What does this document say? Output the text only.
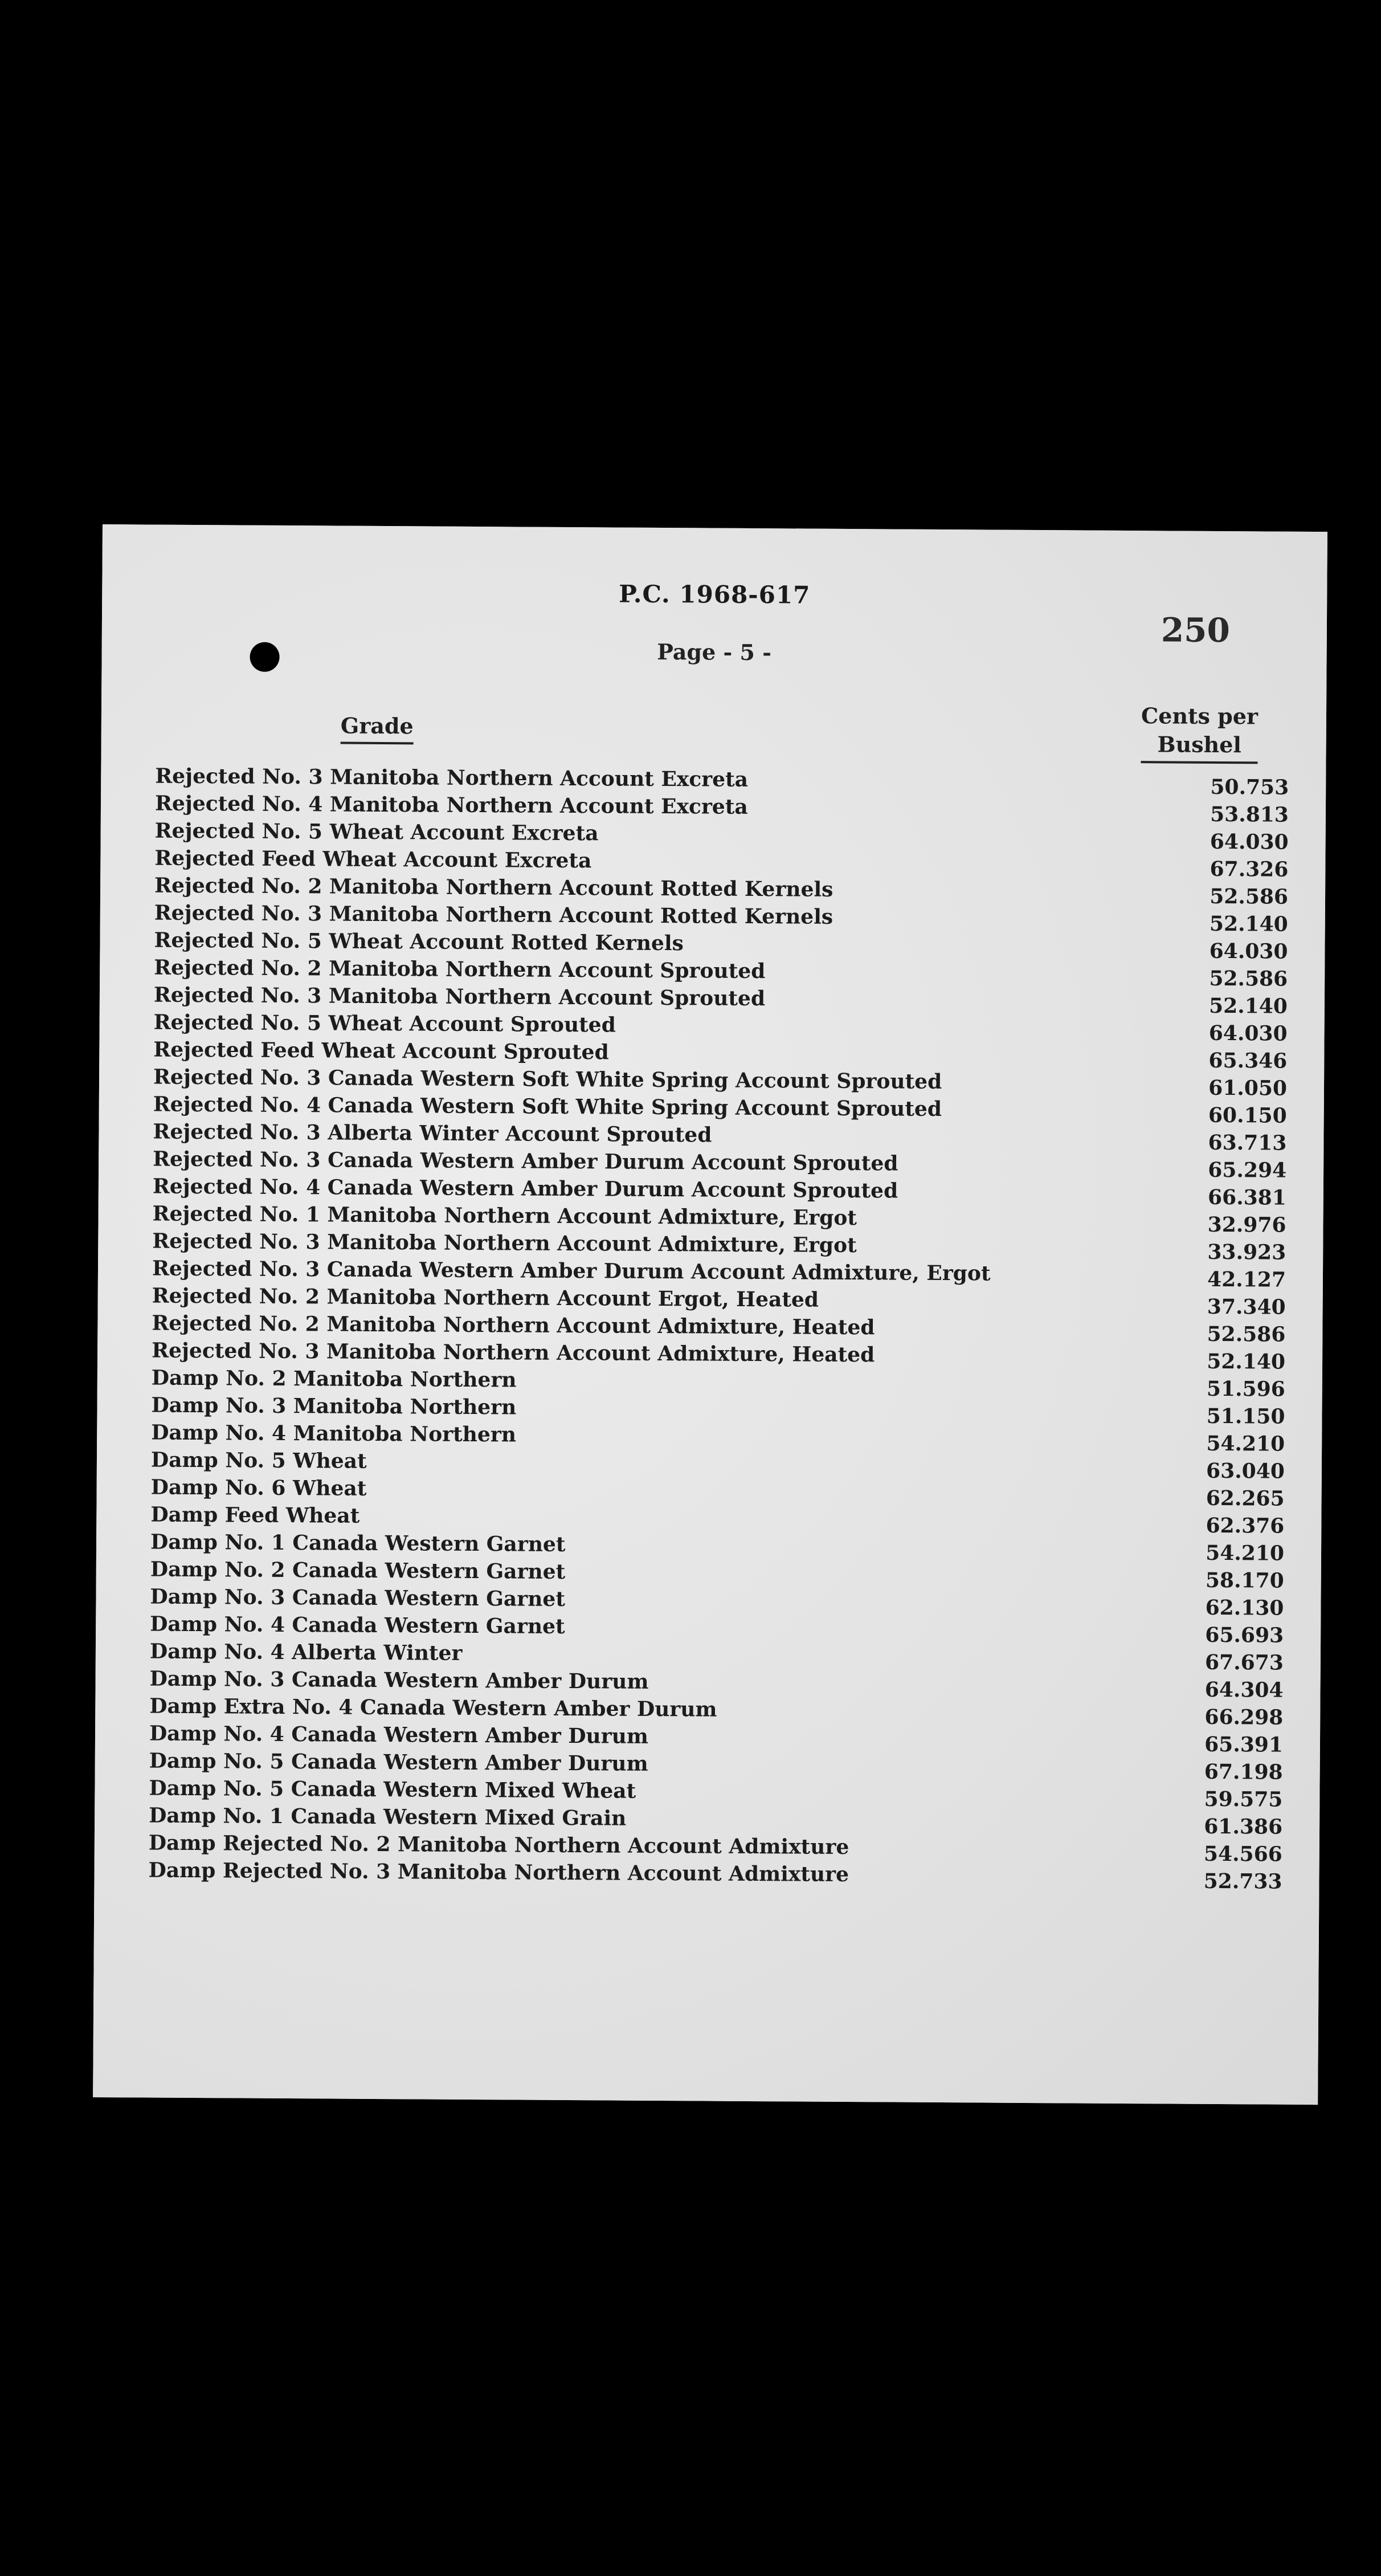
P.C. 1968-617
Page - 5 -
250
Grade	Cents per
Bushel
Rejected No. 3 Manitoba Northern Account Excreta	50.753
Rejected No. 4 Manitoba Northern Account Excreta	53.813
Rejected No. 5 Wheat Account Excreta	64.030
Rejected Feed Wheat Account Excreta	67.326
Rejected No. 2 Manitoba Northern Account Rotted Kernels	52.586
Rejected No. 3 Manitoba Northern Account Rotted Kernels	52.140
Rejected No. 5 Wheat Account Rotted Kernels	64.030
Rejected No. 2 Manitoba Northern Account Sprouted	52.586
Rejected No. 3 Manitoba Northern Account Sprouted	52.140
Rejected No. 5 Wheat Account Sprouted	64.030
Rejected Feed Wheat Account Sprouted	65.346
Rejected No. 3 Canada Western Soft White Spring Account Sprouted	61.050
Rejected No. 4 Canada Western Soft White Spring Account Sprouted	60.150
Rejected No. 3 Alberta Winter Account Sprouted	63.713
Rejected No. 3 Canada Western Amber Durum Account Sprouted	65.294
Rejected No. 4 Canada Western Amber Durum Account Sprouted	66.381
Rejected No. 1 Manitoba Northern Account Admixture, Ergot	32.976
Rejected No. 3 Manitoba Northern Account Admixture, Ergot	33.923
Rejected No. 3 Canada Western Amber Durum Account Admixture, Ergot	42.127
Rejected No. 2 Manitoba Northern Account Ergot, Heated	37.340
Rejected No. 2 Manitoba Northern Account Admixture, Heated	52.586
Rejected No. 3 Manitoba Northern Account Admixture, Heated	52.140
Damp No. 2 Manitoba Northern	51.596
Damp No. 3 Manitoba Northern	51.150
Damp No. 4 Manitoba Northern	54.210
Damp No. 5 Wheat	63.040
Damp No. 6 Wheat	62.265
Damp Feed Wheat	62.376
Damp No. 1 Canada Western Garnet	54.210
Damp No. 2 Canada Western Garnet	58.170
Damp No. 3 Canada Western Garnet	62.130
Damp No. 4 Canada Western Garnet	65.693
Damp No. 4 Alberta Winter	67.673
Damp No. 3 Canada Western Amber Durum	64.304
Damp Extra No. 4 Canada Western Amber Durum	66.298
Damp No. 4 Canada Western Amber Durum	65.391
Damp No. 5 Canada Western Amber Durum	67.198
Damp No. 5 Canada Western Mixed Wheat	59.575
Damp No. 1 Canada Western Mixed Grain	61.386
Damp Rejected No. 2 Manitoba Northern Account Admixture	54.566
Damp Rejected No. 3 Manitoba Northern Account Admixture	52.733
